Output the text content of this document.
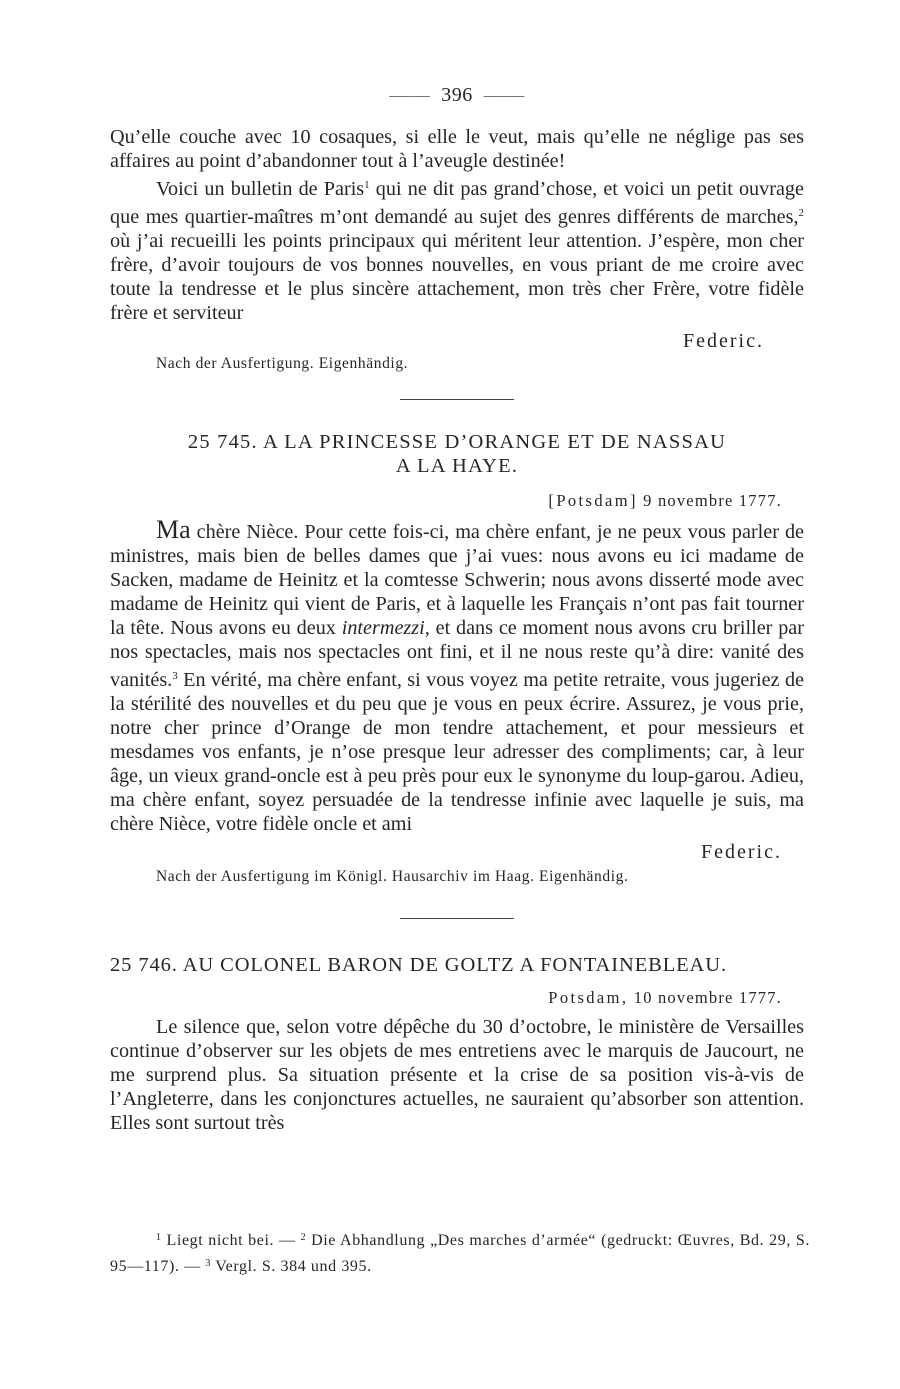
——  396  ——

Qu’elle couche avec 10 cosaques, si elle le veut, mais qu’elle ne néglige pas ses affaires au point d’abandonner tout à l’aveugle destinée!

Voici un bulletin de Paris$^1$ qui ne dit pas grand’chose, et voici un petit ouvrage que mes quartier-maîtres m’ont demandé au sujet des genres différents de marches,$^2$ où j’ai recueilli les points principaux qui méritent leur attention. J’espère, mon cher frère, d’avoir toujours de vos bonnes nouvelles, en vous priant de me croire avec toute la tendresse et le plus sincère attachement, mon très cher Frère, votre fidèle frère et serviteur

Federic.
Nach der Ausfertigung. Eigenhändig.

25 745. A LA PRINCESSE D’ORANGE ET DE NASSAU

A LA HAYE.

[Potsdam] 9 novembre 1777.

Ma chère Nièce. Pour cette fois-ci, ma chère enfant, je ne peux vous parler de ministres, mais bien de belles dames que j’ai vues: nous avons eu ici madame de Sacken, madame de Heinitz et la comtesse Schwerin; nous avons disserté mode avec madame de Heinitz qui vient de Paris, et à laquelle les Français n’ont pas fait tourner la tête. Nous avons eu deux intermezzi, et dans ce moment nous avons cru briller par nos spectacles, mais nos spectacles ont fini, et il ne nous reste qu’à dire: vanité des vanités.$^3$ En vérité, ma chère enfant, si vous voyez ma petite retraite, vous jugeriez de la stérilité des nouvelles et du peu que je vous en peux écrire. Assurez, je vous prie, notre cher prince d’Orange de mon tendre attachement, et pour messieurs et mesdames vos enfants, je n’ose presque leur adresser des compliments; car, à leur âge, un vieux grand-oncle est à peu près pour eux le synonyme du loup-garou. Adieu, ma chère enfant, soyez persuadée de la tendresse infinie avec laquelle je suis, ma chère Nièce, votre fidèle oncle et ami

Federic.
Nach der Ausfertigung im Königl. Hausarchiv im Haag. Eigenhändig.

25 746. AU COLONEL BARON DE GOLTZ A FONTAINEBLEAU.

Potsdam, 10 novembre 1777.

Le silence que, selon votre dépêche du 30 d’octobre, le ministère de Versailles continue d’observer sur les objets de mes entretiens avec le marquis de Jaucourt, ne me surprend plus. Sa situation présente et la crise de sa position vis-à-vis de l’Angleterre, dans les conjonctures actuelles, ne sauraient qu’absorber son attention. Elles sont surtout très

$^1$ Liegt nicht bei. — $^2$ Die Abhandlung „Des marches d’armée“ (gedruckt: Œuvres, Bd. 29, S. 95—117). — $^3$ Vergl. S. 384 und 395.
